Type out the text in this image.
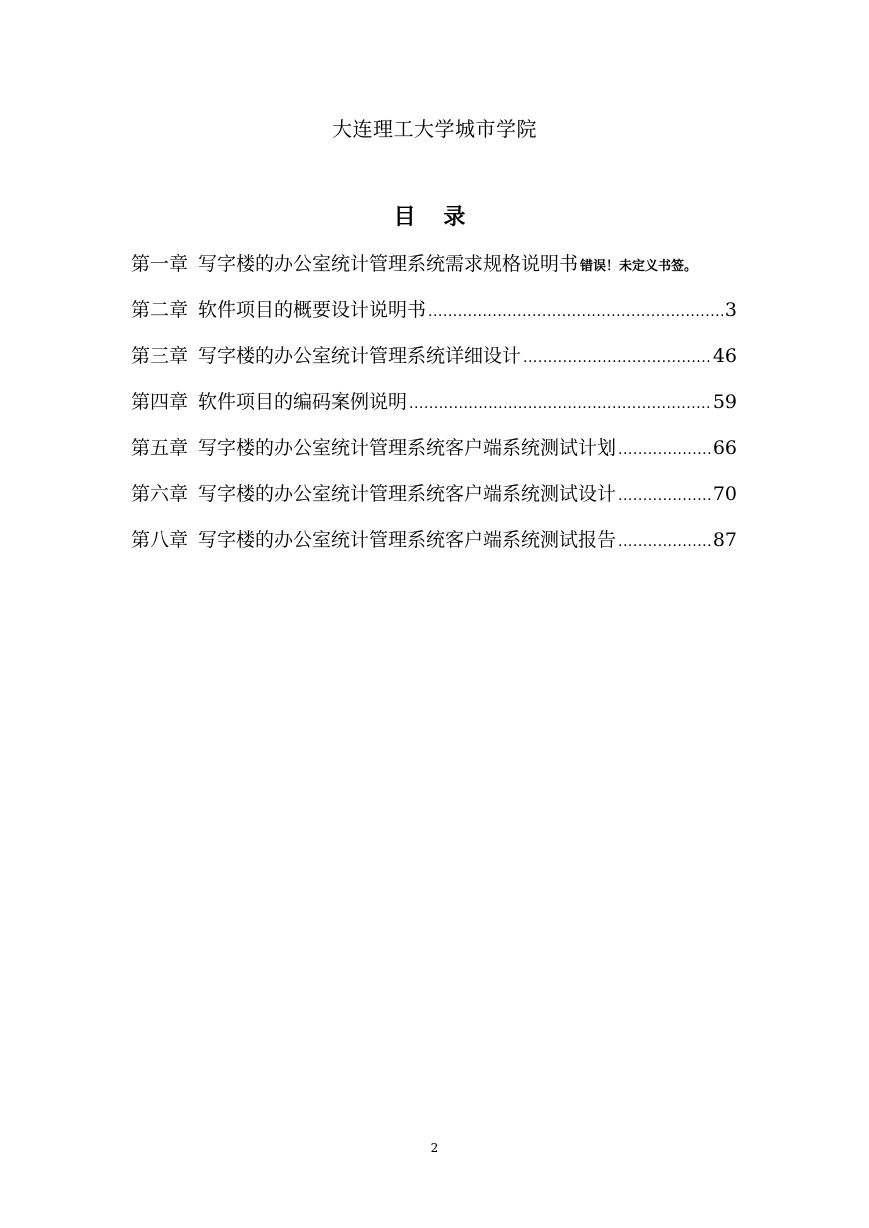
大连理工大学城市学院
目 录
第一章 写字楼的办公室统计管理系统需求规格说明书 错误！未定义书签。
第二章 软件项目的概要设计说明书 .....	3
第三章 写字楼的办公室统计管理系统详细设计 .....	46
第四章 软件项目的编码案例说明 .....	59
第五章 写字楼的办公室统计管理系统客户端系统测试计划 .....	66
第六章 写字楼的办公室统计管理系统客户端系统测试设计 .....	70
第八章 写字楼的办公室统计管理系统客户端系统测试报告 .....	87
2
